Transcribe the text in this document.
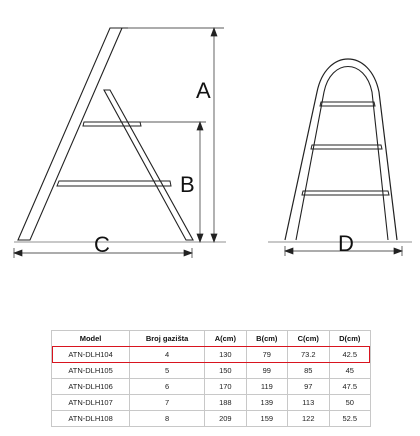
A
B
C	D
Model	Broj gazišta	A(cm)	B(cm)	C(cm)	D(cm)
ATN-DLH104	4	130	79	73.2	42.5
ATN-DLH105	5	150	99	85	45
ATN-DLH106	6	170	119	97	47.5
ATN-DLH107	7	188	139	113	50
ATN-DLH108	8	209	159	122	52.5
